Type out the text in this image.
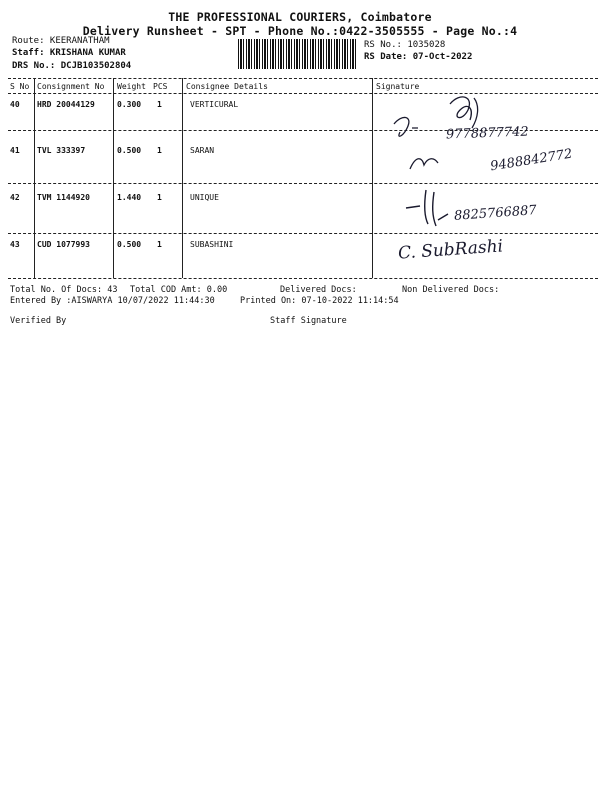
THE PROFESSIONAL COURIERS, Coimbatore
Delivery Runsheet - SPT - Phone No.:0422-3505555 - Page No.:4
Route: KEERANATHAM
Staff: KRISHANA KUMAR
DRS No.: DCJB103502804
RS No.: 1035028
RS Date: 07-Oct-2022
S No Consignment No Weight PCS Consignee Details	Signature
40 HRD 20044129	0.300 1	VERTICURAL
41 TVL 333397	0.500 1	SARAN
42 TVM 1144920	1.440 1	UNIQUE
43 CUD 1077993	0.500 1	SUBASHINI
9778877742
9488842772
8825766887
C. SubRashi
Total No. Of Docs: 43 Total COD Amt: 0.00	Delivered Docs:	Non Delivered Docs:
Entered By :AISWARYA 10/07/2022 11:44:30	Printed On: 07-10-2022 11:14:54
Verified By	Staff Signature
